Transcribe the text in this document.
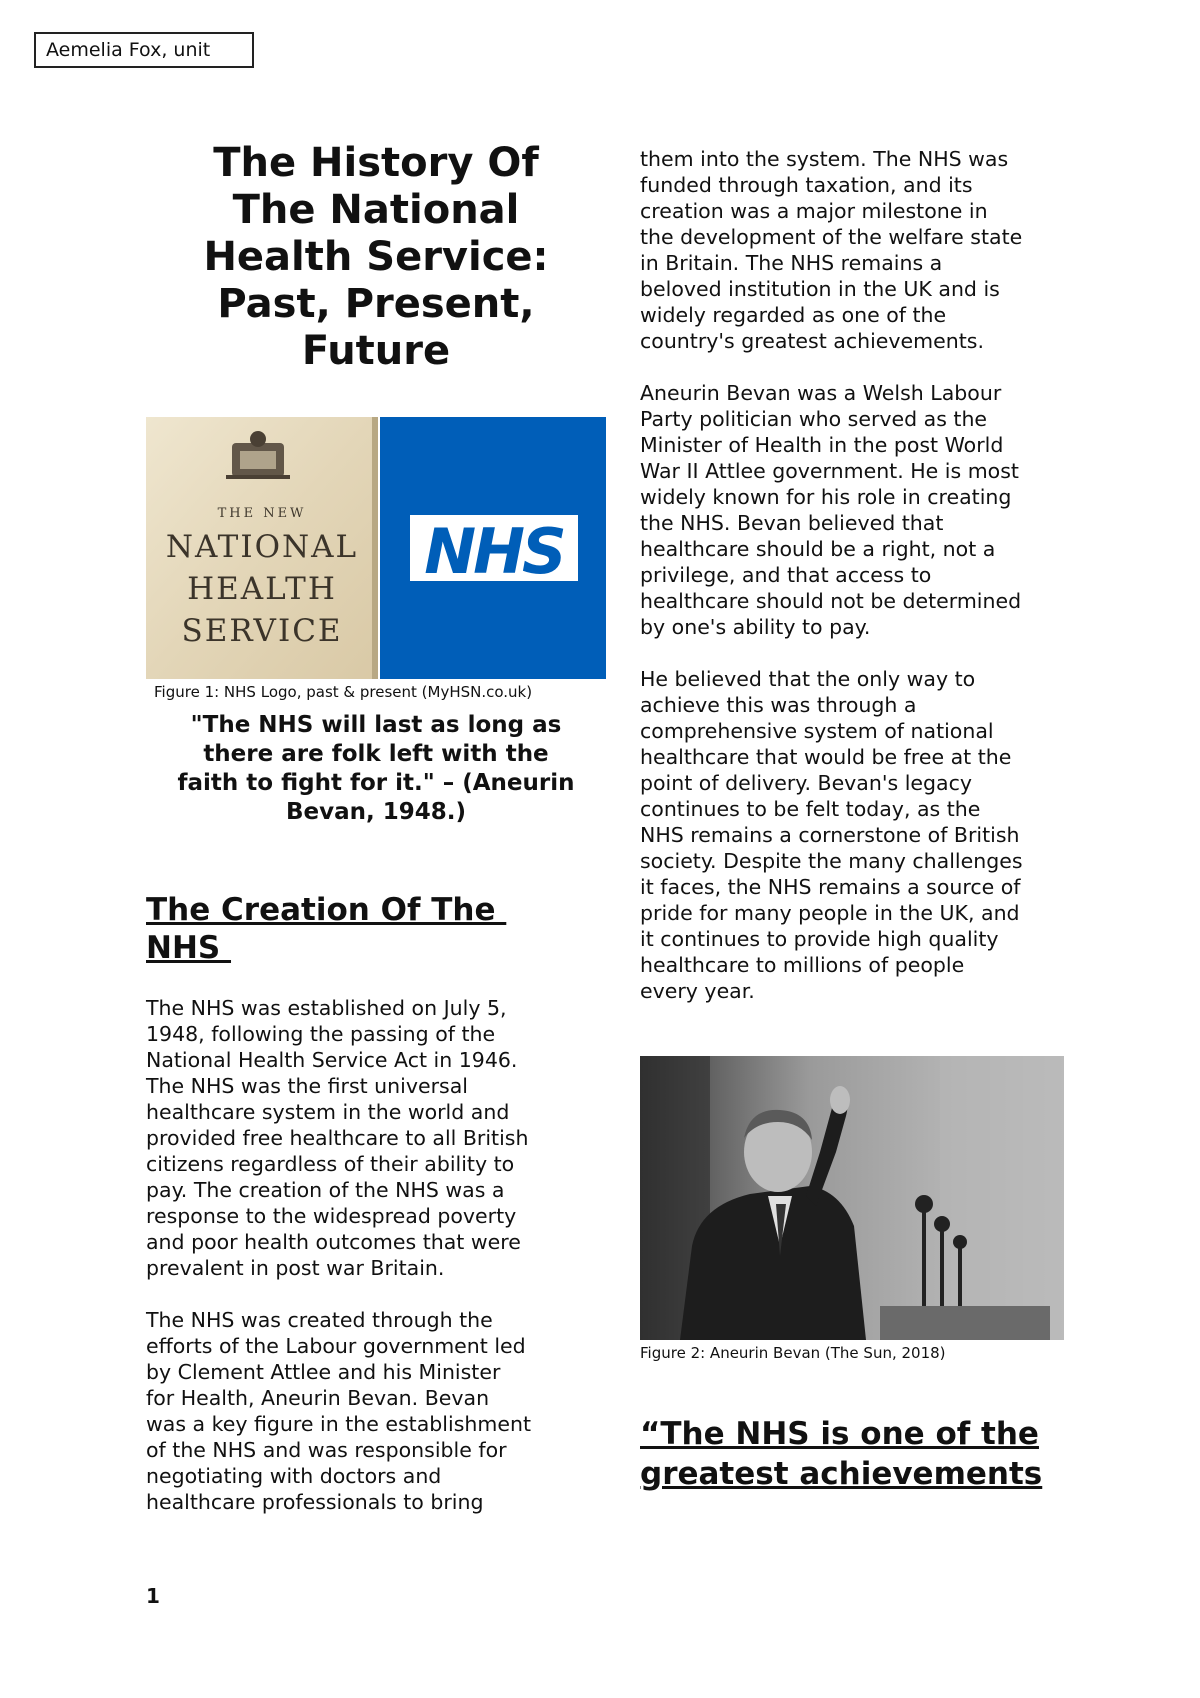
Aemelia Fox, unit
The History Of
The National
Health Service:
Past, Present,
Future
THE NEW
NATIONAL
HEALTH
SERVICE
NHS
Figure 1: NHS Logo, past & present (MyHSN.co.uk)
"The NHS will last as long as
there are folk left with the
faith to fight for it." – (Aneurin
Bevan, 1948.)
The Creation Of The
NHS
The NHS was established on July 5,
1948, following the passing of the
National Health Service Act in 1946.
The NHS was the first universal
healthcare system in the world and
provided free healthcare to all British
citizens regardless of their ability to
pay. The creation of the NHS was a
response to the widespread poverty
and poor health outcomes that were
prevalent in post war Britain.
The NHS was created through the
efforts of the Labour government led
by Clement Attlee and his Minister
for Health, Aneurin Bevan. Bevan
was a key figure in the establishment
of the NHS and was responsible for
negotiating with doctors and
healthcare professionals to bring
them into the system. The NHS was
funded through taxation, and its
creation was a major milestone in
the development of the welfare state
in Britain. The NHS remains a
beloved institution in the UK and is
widely regarded as one of the
country's greatest achievements.
Aneurin Bevan was a Welsh Labour
Party politician who served as the
Minister of Health in the post World
War II Attlee government. He is most
widely known for his role in creating
the NHS. Bevan believed that
healthcare should be a right, not a
privilege, and that access to
healthcare should not be determined
by one's ability to pay.
He believed that the only way to
achieve this was through a
comprehensive system of national
healthcare that would be free at the
point of delivery. Bevan's legacy
continues to be felt today, as the
NHS remains a cornerstone of British
society. Despite the many challenges
it faces, the NHS remains a source of
pride for many people in the UK, and
it continues to provide high quality
healthcare to millions of people
every year.
Figure 2: Aneurin Bevan (The Sun, 2018)
“The NHS is one of the
greatest achievements
1
